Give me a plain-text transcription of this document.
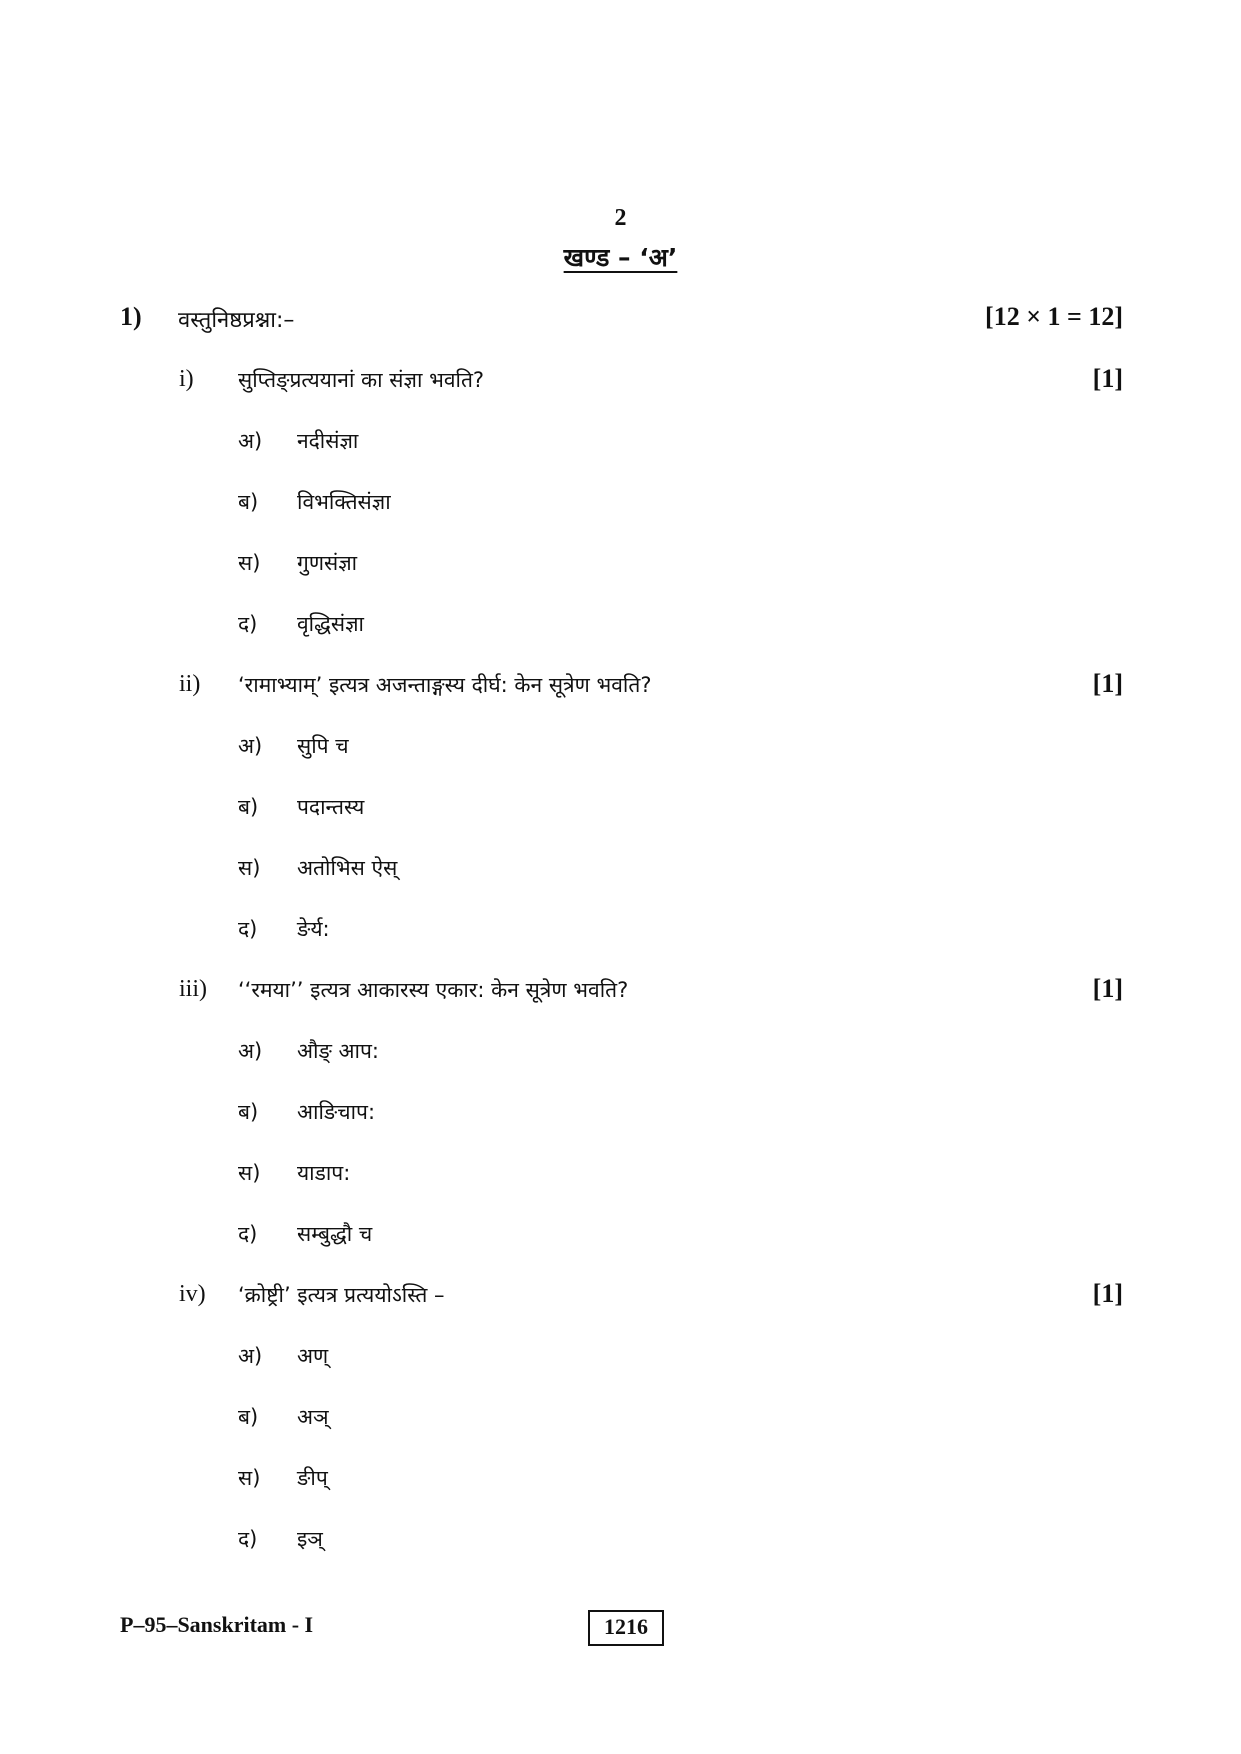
2
खण्ड – ‘अ’
1) वस्तुनिष्ठप्रश्ना:–	[12 × 1 = 12]
i) सुप्तिङ्प्रत्ययानां का संज्ञा भवति?	[1]
अ) नदीसंज्ञा
ब) विभक्तिसंज्ञा
स) गुणसंज्ञा
द) वृद्धिसंज्ञा
ii) ‘रामाभ्याम्’ इत्यत्र अजन्ताङ्गस्य दीर्घ: केन सूत्रेण भवति?	[1]
अ) सुपि च
ब) पदान्तस्य
स) अतोभिस ऐस्
द) ङेर्य:
iii) ‘‘रमया’’ इत्यत्र आकारस्य एकार: केन सूत्रेण भवति?	[1]
अ) औङ् आप:
ब) आङिचाप:
स) याडाप:
द) सम्बुद्धौ च
iv) ‘क्रोष्ट्री’ इत्यत्र प्रत्ययोऽस्ति –	[1]
अ) अण्
ब) अञ्
स) ङीप्
द) इञ्
P–95–Sanskritam - I	1216
